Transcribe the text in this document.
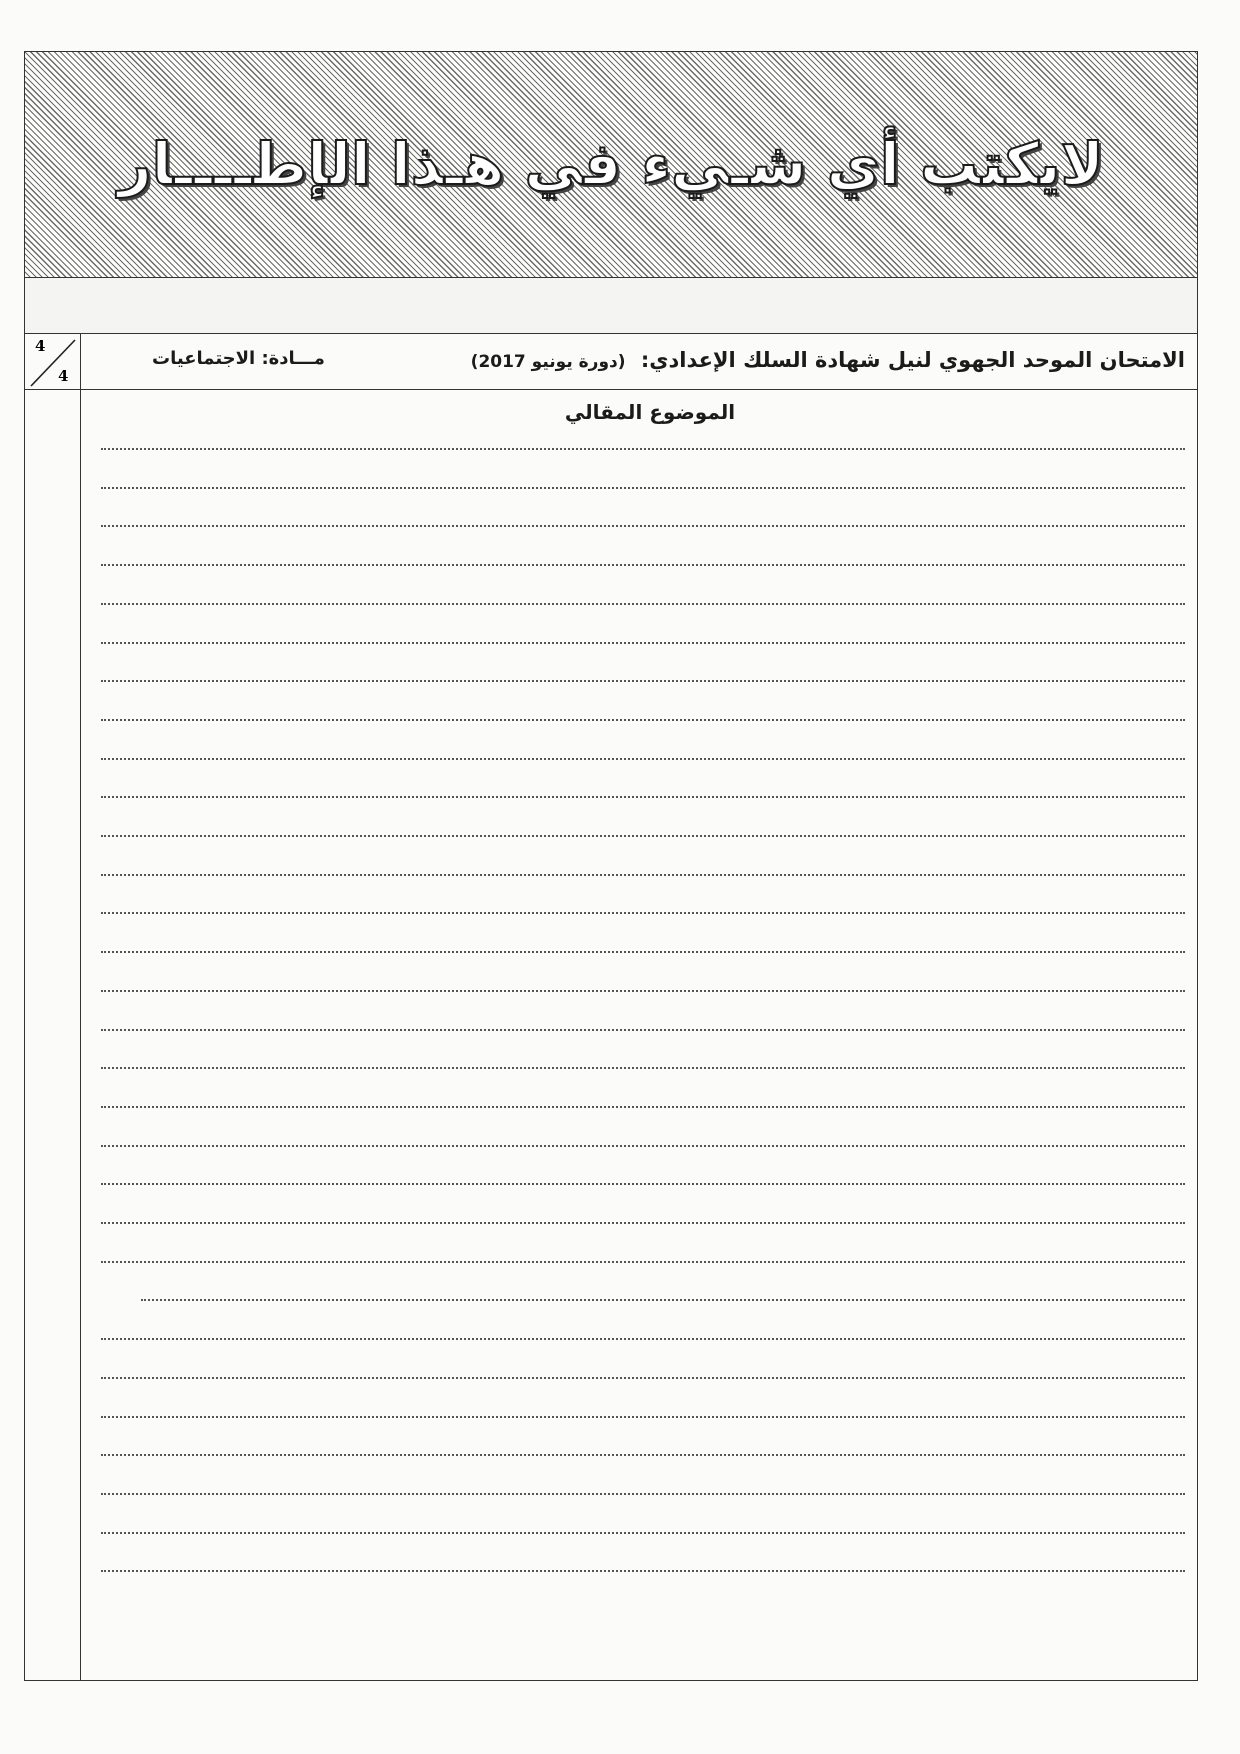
لايكتب أي شـيء في هـذا الإطــــار
4
4
الامتحان الموحد الجهوي لنيل شهادة السلك الإعدادي: (دورة يونيو 2017)
مـــادة: الاجتماعيات
الموضوع المقالي
